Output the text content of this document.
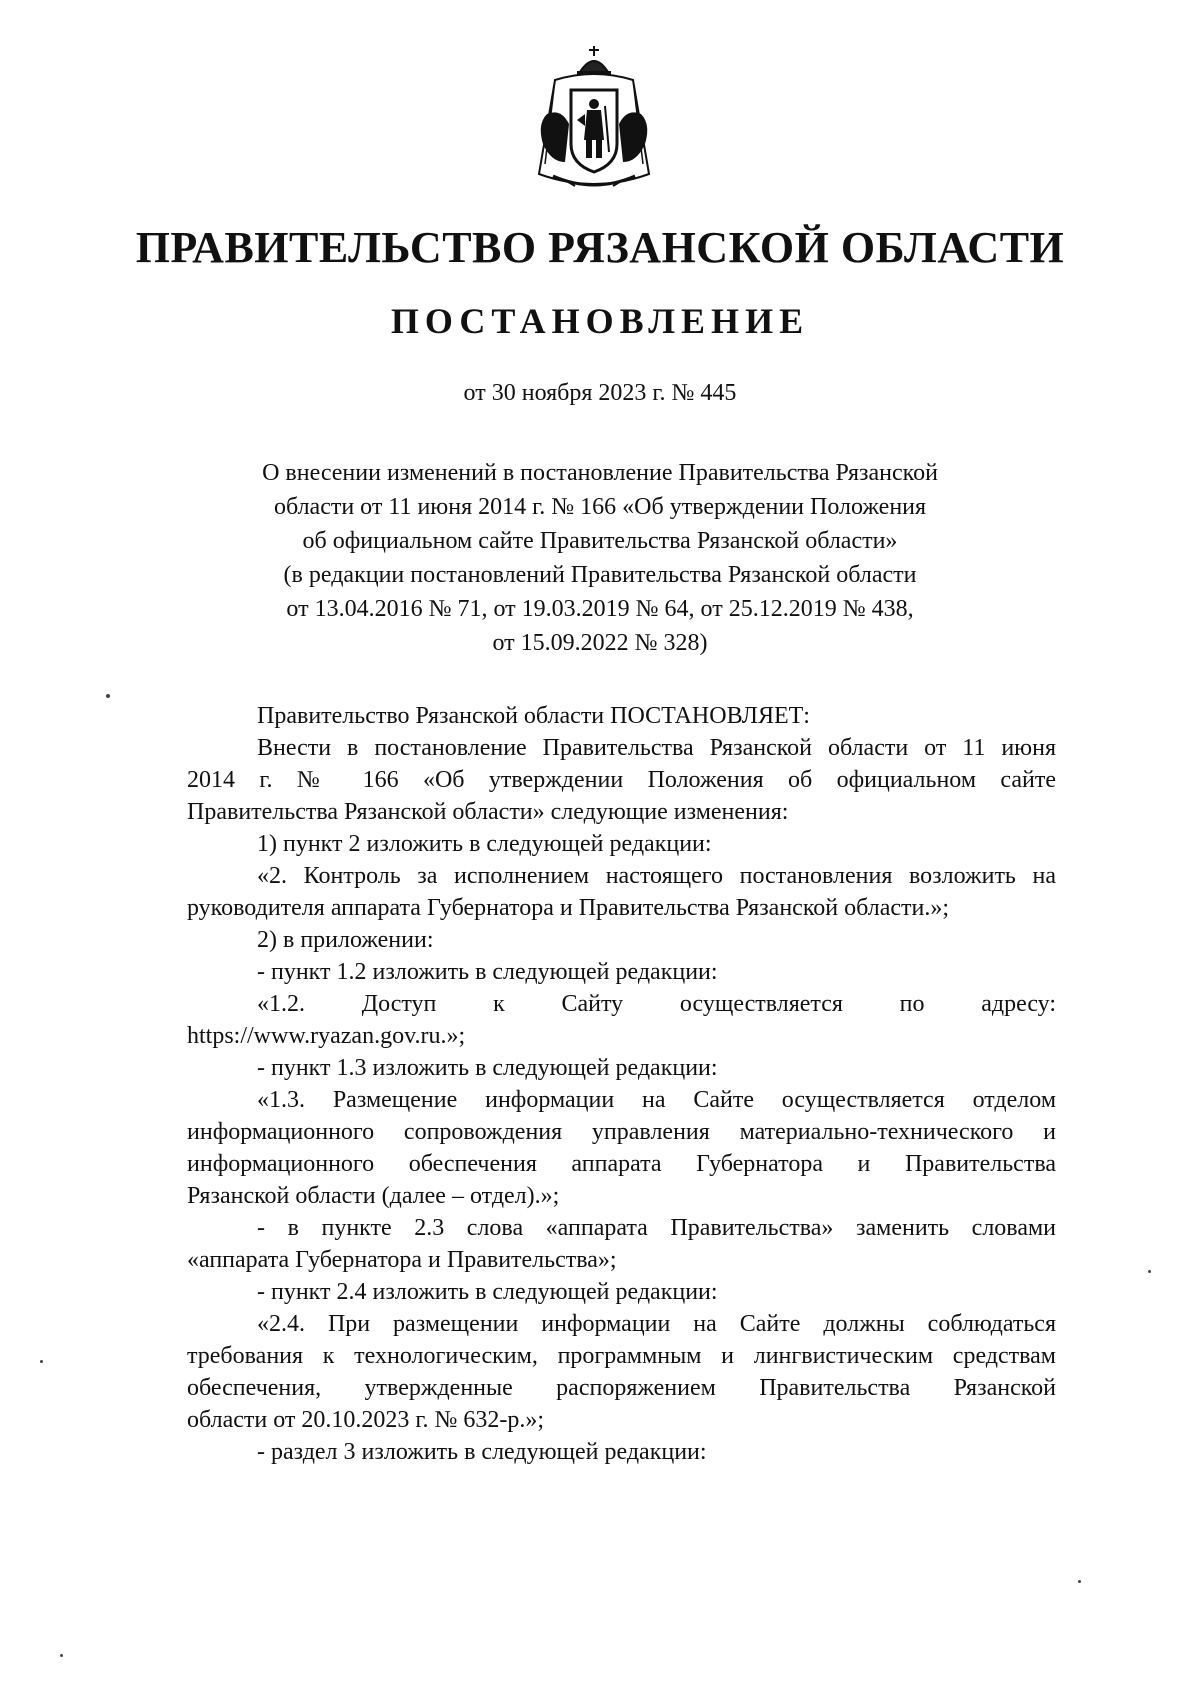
ПРАВИТЕЛЬСТВО РЯЗАНСКОЙ ОБЛАСТИ
ПОСТАНОВЛЕНИЕ

от 30 ноября 2023 г. № 445

О внесении изменений в постановление Правительства Рязанской
области от 11 июня 2014 г. № 166 «Об утверждении Положения
об официальном сайте Правительства Рязанской области»
(в редакции постановлений Правительства Рязанской области
от 13.04.2016 № 71, от 19.03.2019 № 64, от 25.12.2019 № 438,
от 15.09.2022 № 328)

Правительство Рязанской области ПОСТАНОВЛЯЕТ:

Внести в постановление Правительства Рязанской области от 11 июня
2014 г. № 166 «Об утверждении Положения об официальном сайте
Правительства Рязанской области» следующие изменения:

1) пункт 2 изложить в следующей редакции:

«2. Контроль за исполнением настоящего постановления возложить на
руководителя аппарата Губернатора и Правительства Рязанской области.»;

2) в приложении:

- пункт 1.2 изложить в следующей редакции:

«1.2. Доступ к Сайту осуществляется по адресу:
https://www.ryazan.gov.ru.»;

- пункт 1.3 изложить в следующей редакции:

«1.3. Размещение информации на Сайте осуществляется отделом
информационного сопровождения управления материально-технического и
информационного обеспечения аппарата Губернатора и Правительства
Рязанской области (далее – отдел).»;
- в пункте 2.3 слова «аппарата Правительства» заменить словами
«аппарата Губернатора и Правительства»;

- пункт 2.4 изложить в следующей редакции:

«2.4. При размещении информации на Сайте должны соблюдаться
требования к технологическим, программным и лингвистическим средствам
обеспечения, утвержденные распоряжением Правительства Рязанской
области от 20.10.2023 г. № 632-р.»;

- раздел 3 изложить в следующей редакции:
